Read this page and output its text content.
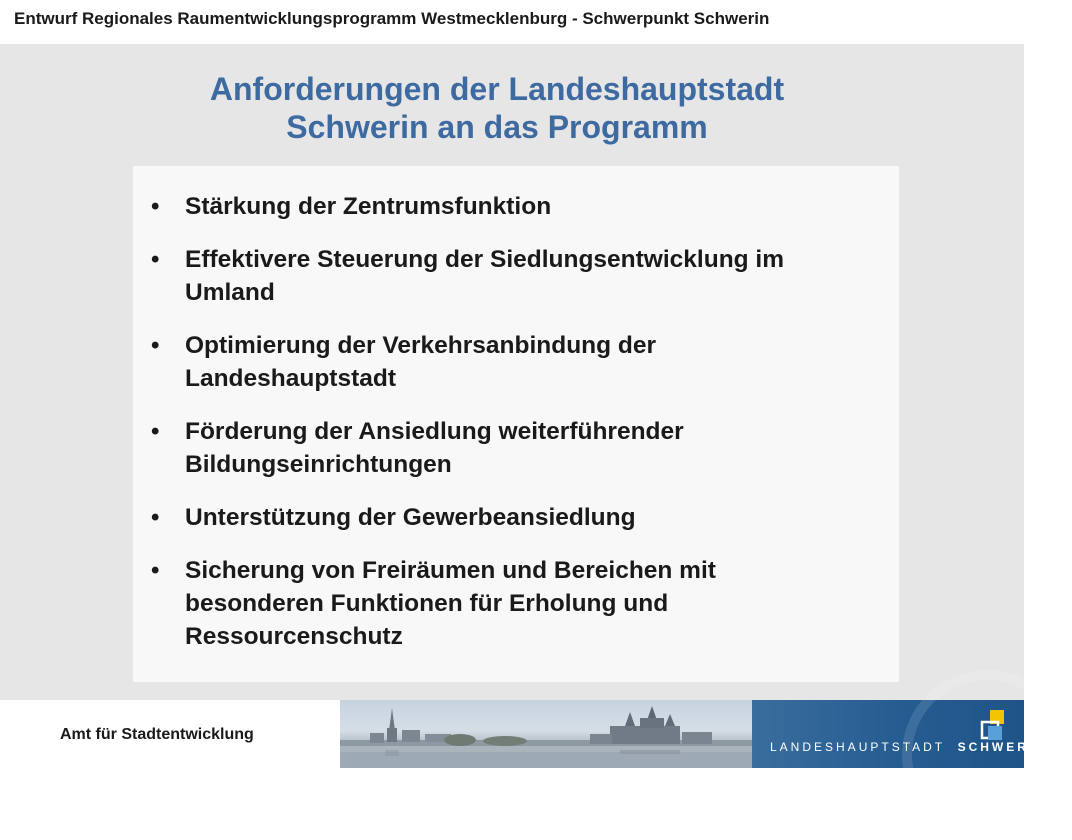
Entwurf Regionales Raumentwicklungsprogramm Westmecklenburg - Schwerpunkt Schwerin
Anforderungen der Landeshauptstadt
Schwerin an das Programm
• Stärkung der Zentrumsfunktion
• Effektivere Steuerung der Siedlungsentwicklung im
Umland
• Optimierung der Verkehrsanbindung der
Landeshauptstadt
• Förderung der Ansiedlung weiterführender
Bildungseinrichtungen
• Unterstützung der Gewerbeansiedlung
• Sicherung von Freiräumen und Bereichen mit
besonderen Funktionen für Erholung und
Ressourcenschutz
Amt für Stadtentwicklung
LANDESHAUPTSTADT SCHWERIN
